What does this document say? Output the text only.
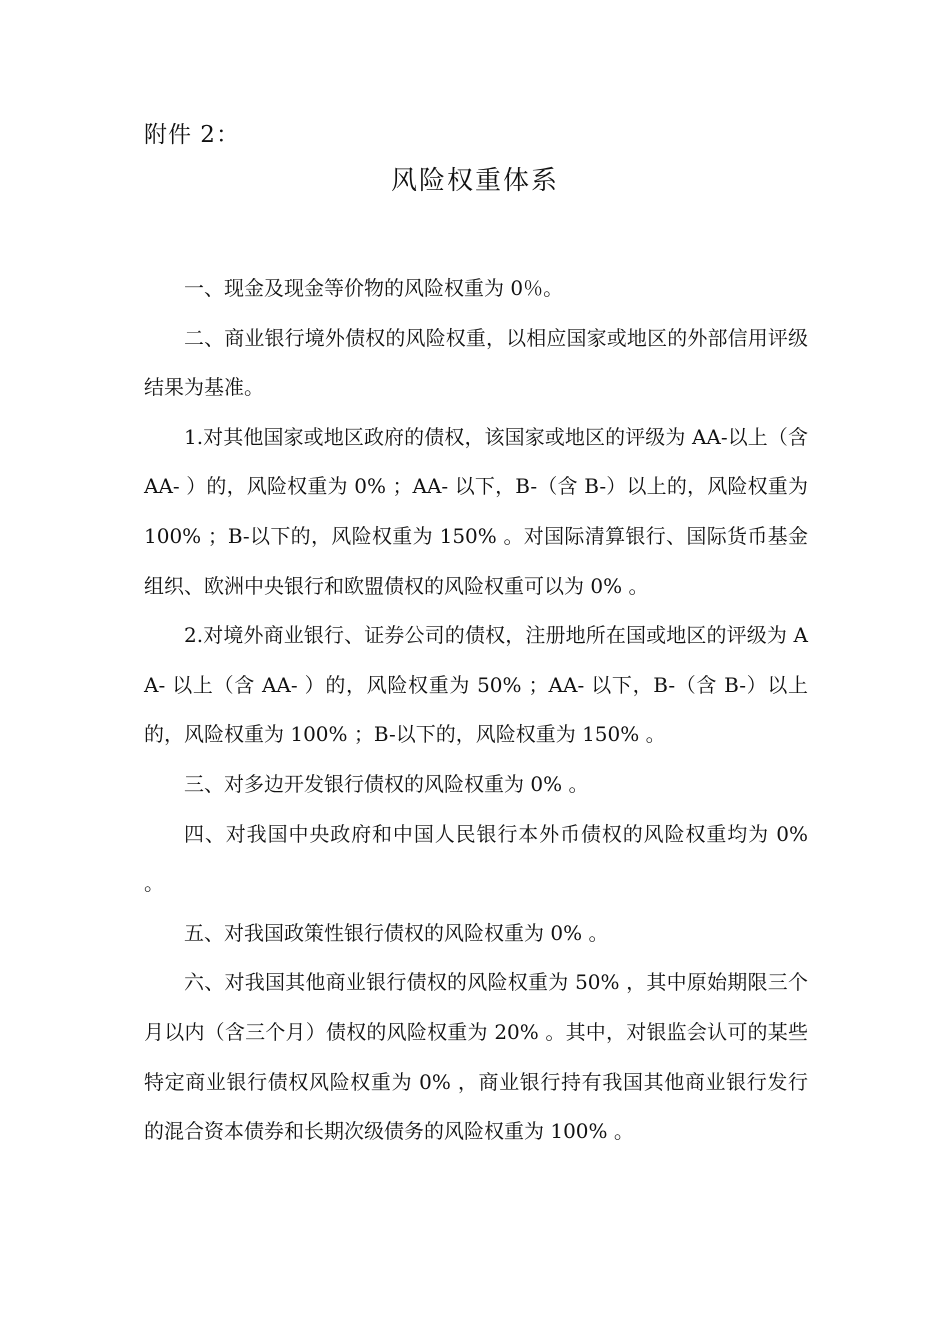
附件 2：
风险权重体系

一、现金及现金等价物的风险权重为 0％。

二、商业银行境外债权的风险权重，以相应国家或地区的外部信用评级结果为基准。

1.对其他国家或地区政府的债权，该国家或地区的评级为 AA-以上（含 AA- ）的，风险权重为 0% ；AA- 以下，B-（含 B-）以上的，风险权重为 100% ；B-以下的，风险权重为 150% 。对国际清算银行、国际货币基金组织、欧洲中央银行和欧盟债权的风险权重可以为 0% 。

2.对境外商业银行、证券公司的债权，注册地所在国或地区的评级为 AA- 以上（含 AA- ）的，风险权重为 50% ；AA- 以下，B-（含 B-）以上的，风险权重为 100% ；B-以下的，风险权重为 150% 。

三、对多边开发银行债权的风险权重为 0% 。

四、对我国中央政府和中国人民银行本外币债权的风险权重均为 0% 。

五、对我国政策性银行债权的风险权重为 0% 。

六、对我国其他商业银行债权的风险权重为 50% ，其中原始期限三个月以内（含三个月）债权的风险权重为 20% 。其中，对银监会认可的某些特定商业银行债权风险权重为 0% ，商业银行持有我国其他商业银行发行的混合资本债券和长期次级债务的风险权重为 100% 。
